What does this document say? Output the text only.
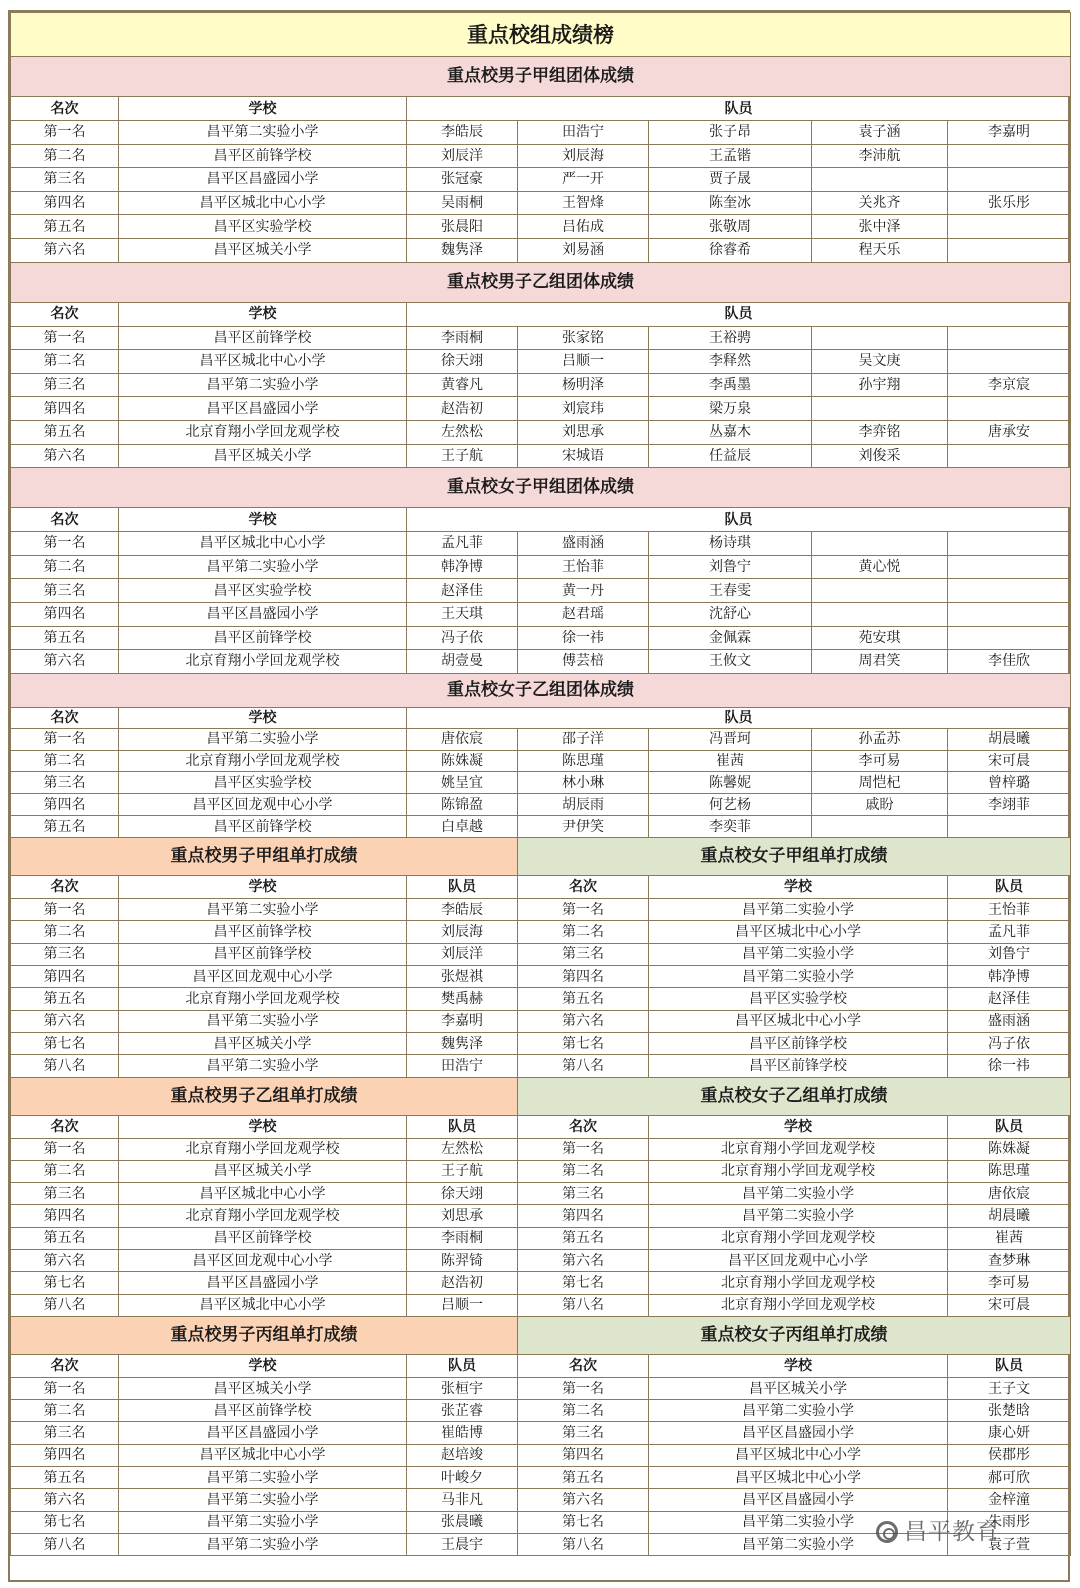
重点校组成绩榜						
重点校男子甲组团体成绩						
名次	学校	队员				
第一名	昌平第二实验小学	李皓辰	田浩宁	张子昂	袁子涵	李嘉明
第二名	昌平区前锋学校	刘辰洋	刘辰海	王孟锴	李沛航	
第三名	昌平区昌盛园小学	张冠豪	严一开	贾子晟		
第四名	昌平区城北中心小学	吴雨桐	王智烽	陈奎冰	关兆齐	张乐彤
第五名	昌平区实验学校	张晨阳	吕佑成	张敬周	张中泽	
第六名	昌平区城关小学	魏隽泽	刘易涵	徐睿希	程天乐	
重点校男子乙组团体成绩						
名次	学校	队员				
第一名	昌平区前锋学校	李雨桐	张家铭	王裕骋		
第二名	昌平区城北中心小学	徐天翊	吕顺一	李释然	吴文庚	
第三名	昌平第二实验小学	黄睿凡	杨明泽	李禹墨	孙宇翔	李京宸
第四名	昌平区昌盛园小学	赵浩初	刘宸玮	梁万泉		
第五名	北京育翔小学回龙观学校	左然松	刘思承	丛嘉木	李弈铭	唐承安
第六名	昌平区城关小学	王子航	宋城语	任益辰	刘俊采	
重点校女子甲组团体成绩						
名次	学校	队员				
第一名	昌平区城北中心小学	孟凡菲	盛雨涵	杨诗琪		
第二名	昌平第二实验小学	韩净博	王怡菲	刘鲁宁	黄心悦	
第三名	昌平区实验学校	赵泽佳	黄一丹	王春雯		
第四名	昌平区昌盛园小学	王天琪	赵君瑶	沈舒心		
第五名	昌平区前锋学校	冯子依	徐一祎	金佩霖	苑安琪	
第六名	北京育翔小学回龙观学校	胡壹曼	傅芸棓	王攸文	周君笑	李佳欣
重点校女子乙组团体成绩						
名次	学校	队员				
第一名	昌平第二实验小学	唐依宸	邵子洋	冯晋珂	孙孟苏	胡晨曦
第二名	北京育翔小学回龙观学校	陈姝凝	陈思瑾	崔茜	李可易	宋可晨
第三名	昌平区实验学校	姚呈宜	林小琳	陈馨妮	周恺杞	曾梓璐
第四名	昌平区回龙观中心小学	陈锦盈	胡辰雨	何艺杨	戚盼	李翊菲
第五名	昌平区前锋学校	白卓越	尹伊笑	李奕菲		
重点校男子甲组单打成绩			重点校女子甲组单打成绩			
名次	学校	队员	名次	学校		队员
第一名	昌平第二实验小学	李皓辰	第一名	昌平第二实验小学		王怡菲
第二名	昌平区前锋学校	刘辰海	第二名	昌平区城北中心小学		孟凡菲
第三名	昌平区前锋学校	刘辰洋	第三名	昌平第二实验小学		刘鲁宁
第四名	昌平区回龙观中心小学	张煜祺	第四名	昌平第二实验小学		韩净博
第五名	北京育翔小学回龙观学校	樊禹赫	第五名	昌平区实验学校		赵泽佳
第六名	昌平第二实验小学	李嘉明	第六名	昌平区城北中心小学		盛雨涵
第七名	昌平区城关小学	魏隽泽	第七名	昌平区前锋学校		冯子依
第八名	昌平第二实验小学	田浩宁	第八名	昌平区前锋学校		徐一祎
重点校男子乙组单打成绩			重点校女子乙组单打成绩			
名次	学校	队员	名次	学校		队员
第一名	北京育翔小学回龙观学校	左然松	第一名	北京育翔小学回龙观学校		陈姝凝
第二名	昌平区城关小学	王子航	第二名	北京育翔小学回龙观学校		陈思瑾
第三名	昌平区城北中心小学	徐天翊	第三名	昌平第二实验小学		唐依宸
第四名	北京育翔小学回龙观学校	刘思承	第四名	昌平第二实验小学		胡晨曦
第五名	昌平区前锋学校	李雨桐	第五名	北京育翔小学回龙观学校		崔茜
第六名	昌平区回龙观中心小学	陈羿锜	第六名	昌平区回龙观中心小学		查梦琳
第七名	昌平区昌盛园小学	赵浩初	第七名	北京育翔小学回龙观学校		李可易
第八名	昌平区城北中心小学	吕顺一	第八名	北京育翔小学回龙观学校		宋可晨
重点校男子丙组单打成绩			重点校女子丙组单打成绩			
名次	学校	队员	名次	学校		队员
第一名	昌平区城关小学	张桓宇	第一名	昌平区城关小学		王子文
第二名	昌平区前锋学校	张芷睿	第二名	昌平第二实验小学		张楚晗
第三名	昌平区昌盛园小学	崔皓博	第三名	昌平区昌盛园小学		康心妍
第四名	昌平区城北中心小学	赵培竣	第四名	昌平区城北中心小学		侯郡彤
第五名	昌平第二实验小学	叶峻夕	第五名	昌平区城北中心小学		郝可欣
第六名	昌平第二实验小学	马非凡	第六名	昌平区昌盛园小学		金梓潼
第七名	昌平第二实验小学	张晨曦	第七名	昌平第二实验小学		朱雨彤
第八名	昌平第二实验小学	王晨宇	第八名	昌平第二实验小学		袁子萱
昌平教育
